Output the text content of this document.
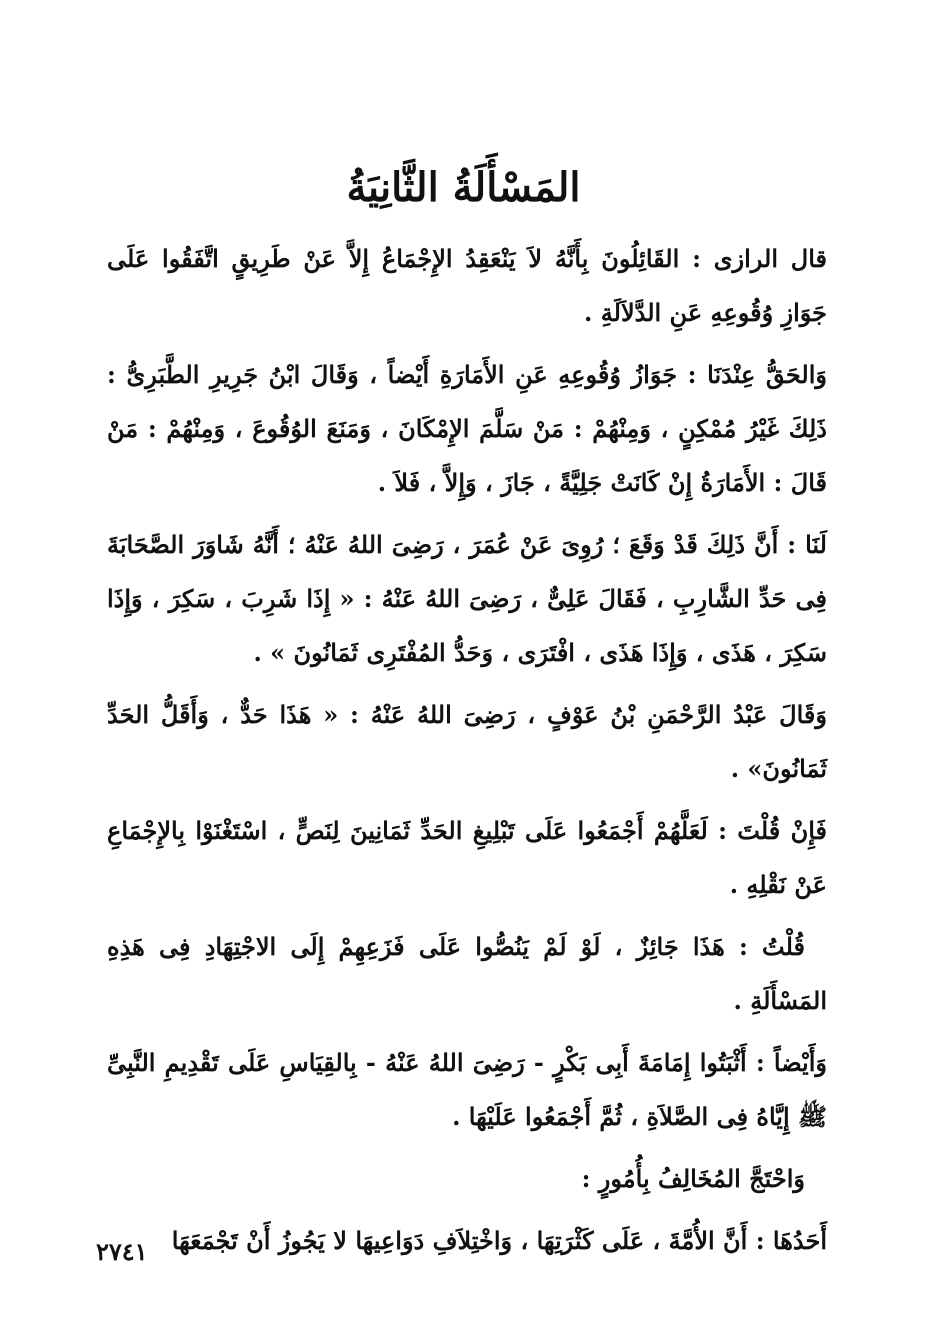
المَسْأَلَةُ الثَّانِيَةُ

قال الرازى : القَائِلُونَ بِأَنَّهُ لاَ يَنْعَقِدُ الإِجْمَاعُ إِلاَّ عَنْ طَرِيقٍ اتَّفَقُوا عَلَى جَوَازِ وُقُوعِهِ عَنِ الدَّلاَلَةِ .

وَالحَقُّ عِنْدَنَا : جَوَازُ وُقُوعِهِ عَنِ الأَمَارَةِ أَيْضاً ، وَقَالَ ابْنُ جَرِيرِ الطَّبَرِىُّ : ذَلِكَ غَيْرُ مُمْكِنٍ ، وَمِنْهُمْ : مَنْ سَلَّمَ الإِمْكَانَ ، وَمَنَعَ الوُقُوعَ ، وَمِنْهُمْ : مَنْ قَالَ : الأَمَارَةُ إِنْ كَانَتْ جَلِيَّةً ، جَازَ ، وَإِلاَّ ، فَلاَ .

لَنَا : أَنَّ ذَلِكَ قَدْ وَقَعَ ؛ رُوِىَ عَنْ عُمَرَ ، رَضِىَ اللهُ عَنْهُ ؛ أَنَّهُ شَاوَرَ الصَّحَابَةَ فِى حَدِّ الشَّارِبِ ، فَقَالَ عَلِىٌّ ، رَضِىَ اللهُ عَنْهُ : « إِذَا شَرِبَ ، سَكِرَ ، وَإِذَا سَكِرَ ، هَذَى ، وَإِذَا هَذَى ، افْتَرَى ، وَحَدُّ المُفْتَرِى ثَمَانُونَ » .

وَقَالَ عَبْدُ الرَّحْمَنِ بْنُ عَوْفٍ ، رَضِىَ اللهُ عَنْهُ : « هَذَا حَدٌّ ، وَأَقَلُّ الحَدِّ ثَمَانُونَ» .

فَإِنْ قُلْتَ : لَعَلَّهُمْ أَجْمَعُوا عَلَى تَبْلِيغِ الحَدِّ ثَمَانِينَ لِنَصٍّ ، اسْتَغْنَوْا بِالإِجْمَاعِ عَنْ نَقْلِهِ .

قُلْتُ : هَذَا جَائِزٌ ، لَوْ لَمْ يَنُصُّوا عَلَى فَزَعِهِمْ إِلَى الاجْتِهَادِ فِى هَذِهِ المَسْأَلَةِ .

وَأَيْضاً : أَثْبَتُوا إِمَامَةَ أَبِى بَكْرٍ - رَضِىَ اللهُ عَنْهُ - بِالقِيَاسِ عَلَى تَقْدِيمِ النَّبِىِّ ﷺ إِيَّاهُ فِى الصَّلاَةِ ، ثُمَّ أَجْمَعُوا عَلَيْهَا .

وَاحْتَجَّ المُخَالِفُ بِأُمُورٍ :

أَحَدُهَا : أَنَّ الأُمَّةَ ، عَلَى كَثْرَتِهَا ، وَاخْتِلاَفِ دَوَاعِيهَا لا يَجُوزُ أَنْ تَجْمَعَهَا

٢٧٤١
